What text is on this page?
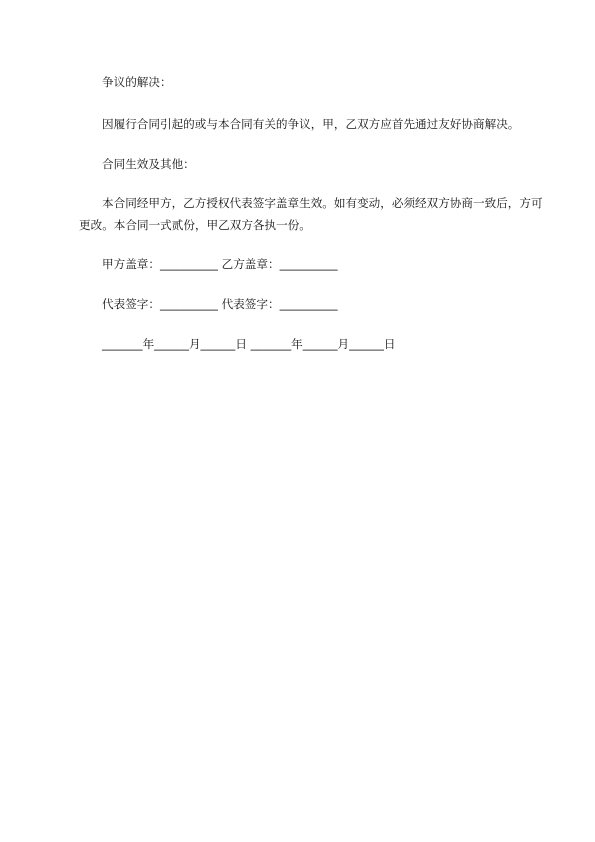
争议的解决：
因履行合同引起的或与本合同有关的争议，甲，乙双方应首先通过友好协商解决。
合同生效及其他：
本合同经甲方，乙方授权代表签字盖章生效。如有变动，必须经双方协商一致后，方可更改。本合同一式贰份，甲乙双方各执一份。
甲方盖章：__________ 乙方盖章：__________
代表签字：__________ 代表签字：__________
_______年______月______日 _______年______月______日
